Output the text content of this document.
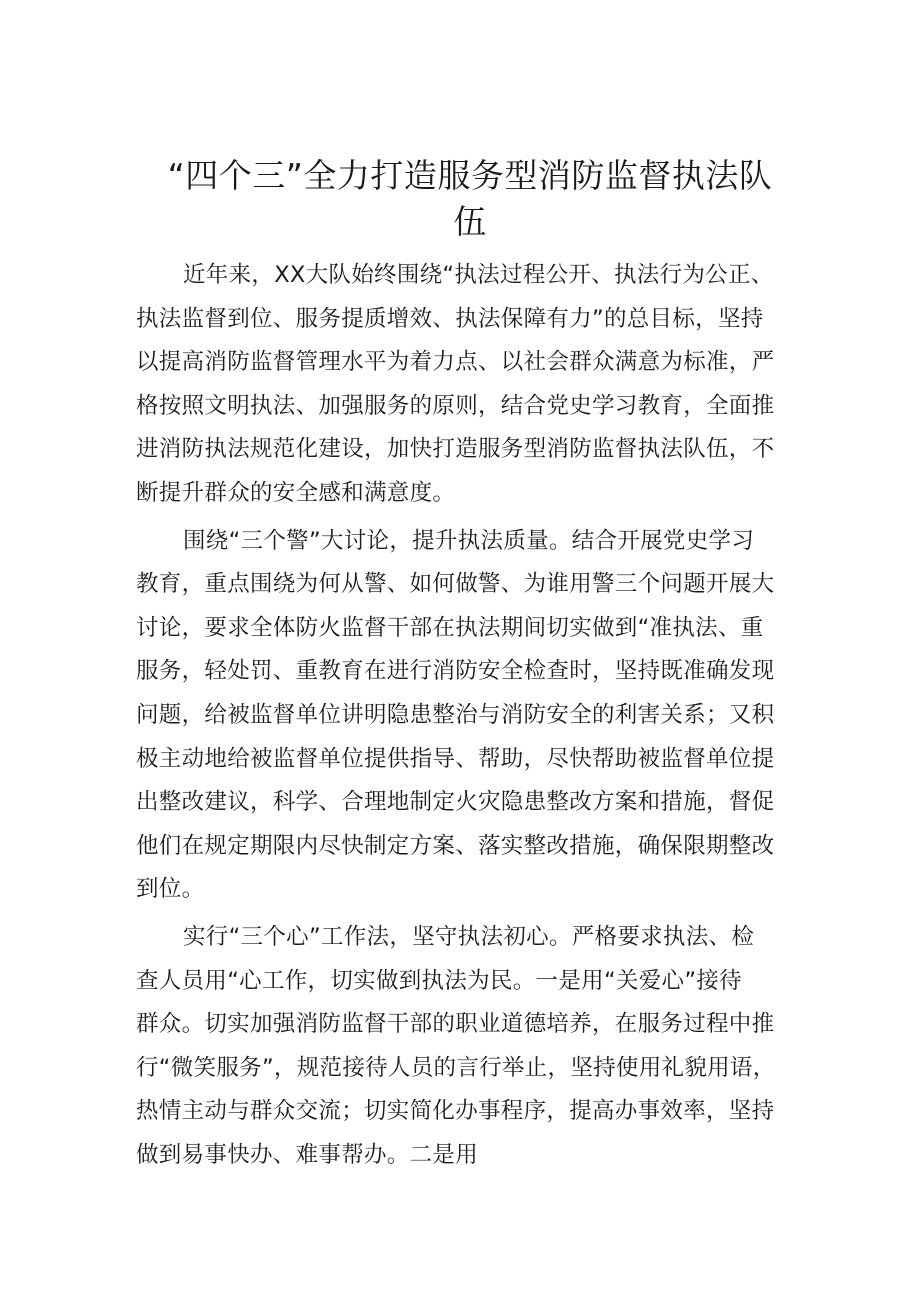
“四个三”全力打造服务型消防监督执法队
伍
近年来，XX大队始终围绕“执法过程公开、执法行为公正、
执法监督到位、服务提质增效、执法保障有力”的总目标，坚持
以提高消防监督管理水平为着力点、以社会群众满意为标准，严
格按照文明执法、加强服务的原则，结合党史学习教育，全面推
进消防执法规范化建设，加快打造服务型消防监督执法队伍，不
断提升群众的安全感和满意度。
围绕“三个警”大讨论，提升执法质量。结合开展党史学习
教育，重点围绕为何从警、如何做警、为谁用警三个问题开展大
讨论，要求全体防火监督干部在执法期间切实做到“准执法、重
服务，轻处罚、重教育在进行消防安全检查时，坚持既准确发现
问题，给被监督单位讲明隐患整治与消防安全的利害关系；又积
极主动地给被监督单位提供指导、帮助，尽快帮助被监督单位提
出整改建议，科学、合理地制定火灾隐患整改方案和措施，督促
他们在规定期限内尽快制定方案、落实整改措施，确保限期整改
到位。
实行“三个心”工作法，坚守执法初心。严格要求执法、检
查人员用“心工作，切实做到执法为民。一是用“关爱心”接待
群众。切实加强消防监督干部的职业道德培养，在服务过程中推
行“微笑服务”，规范接待人员的言行举止，坚持使用礼貌用语，
热情主动与群众交流；切实简化办事程序，提高办事效率，坚持
做到易事快办、难事帮办。二是用
